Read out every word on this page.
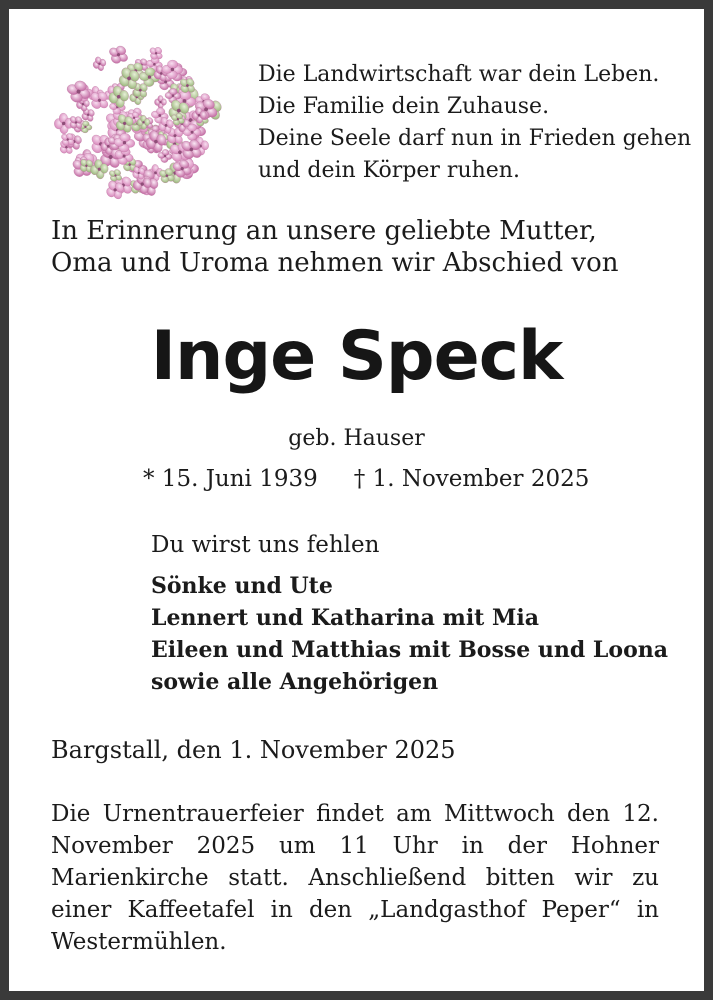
Die Landwirtschaft war dein Leben.
Die Familie dein Zuhause.
Deine Seele darf nun in Frieden gehen
und dein Körper ruhen.

In Erinnerung an unsere geliebte Mutter, Oma und Uroma nehmen wir Abschied von

Inge Speck
geb. Hauser
* 15. Juni 1939 † 1. November 2025
Du wirst uns fehlen
Sönke und Ute
Lennert und Katharina mit Mia
Eileen und Matthias mit Bosse und Loona
sowie alle Angehörigen
Bargstall, den 1. November 2025

Die Urnentrauerfeier findet am Mittwoch den 12. November 2025 um 11 Uhr in der Hohner Marienkirche statt. Anschließend bitten wir zu einer Kaffeetafel in den „Landgasthof Peper“ in Westermühlen.
